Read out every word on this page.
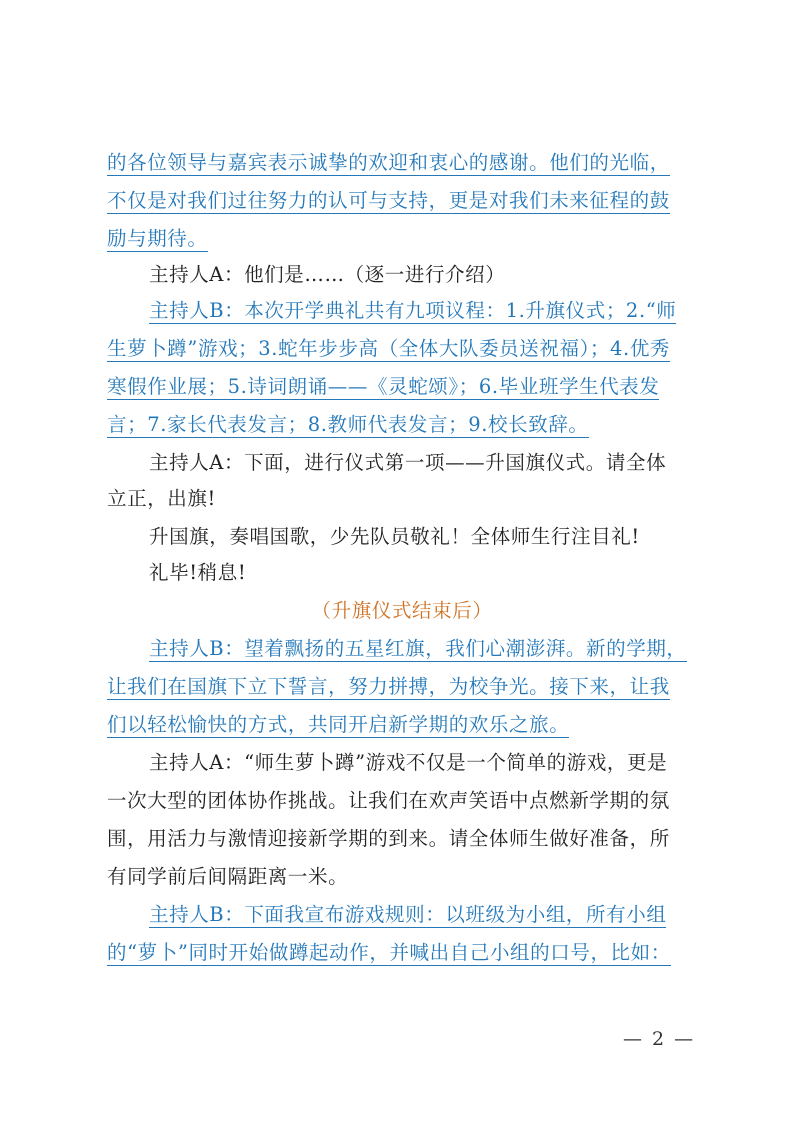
的各位领导与嘉宾表示诚挚的欢迎和衷心的感谢。他们的光临，
不仅是对我们过往努力的认可与支持，更是对我们未来征程的鼓
励与期待。
主持人A：他们是……（逐一进行介绍）
主持人B：本次开学典礼共有九项议程：1.升旗仪式；2.“师
生萝卜蹲”游戏；3.蛇年步步高（全体大队委员送祝福）；4.优秀
寒假作业展；5.诗词朗诵——《灵蛇颂》；6.毕业班学生代表发
言；7.家长代表发言；8.教师代表发言；9.校长致辞。
主持人A：下面，进行仪式第一项——升国旗仪式。请全体
立正，出旗!
升国旗，奏唱国歌，少先队员敬礼！全体师生行注目礼!
礼毕!稍息!
（升旗仪式结束后）
主持人B：望着飘扬的五星红旗，我们心潮澎湃。新的学期，
让我们在国旗下立下誓言，努力拼搏，为校争光。接下来，让我
们以轻松愉快的方式，共同开启新学期的欢乐之旅。
主持人A：“师生萝卜蹲”游戏不仅是一个简单的游戏，更是
一次大型的团体协作挑战。让我们在欢声笑语中点燃新学期的氛
围，用活力与激情迎接新学期的到来。请全体师生做好准备，所
有同学前后间隔距离一米。
主持人B：下面我宣布游戏规则：以班级为小组，所有小组
的“萝卜”同时开始做蹲起动作，并喊出自己小组的口号，比如：
— 2 —
